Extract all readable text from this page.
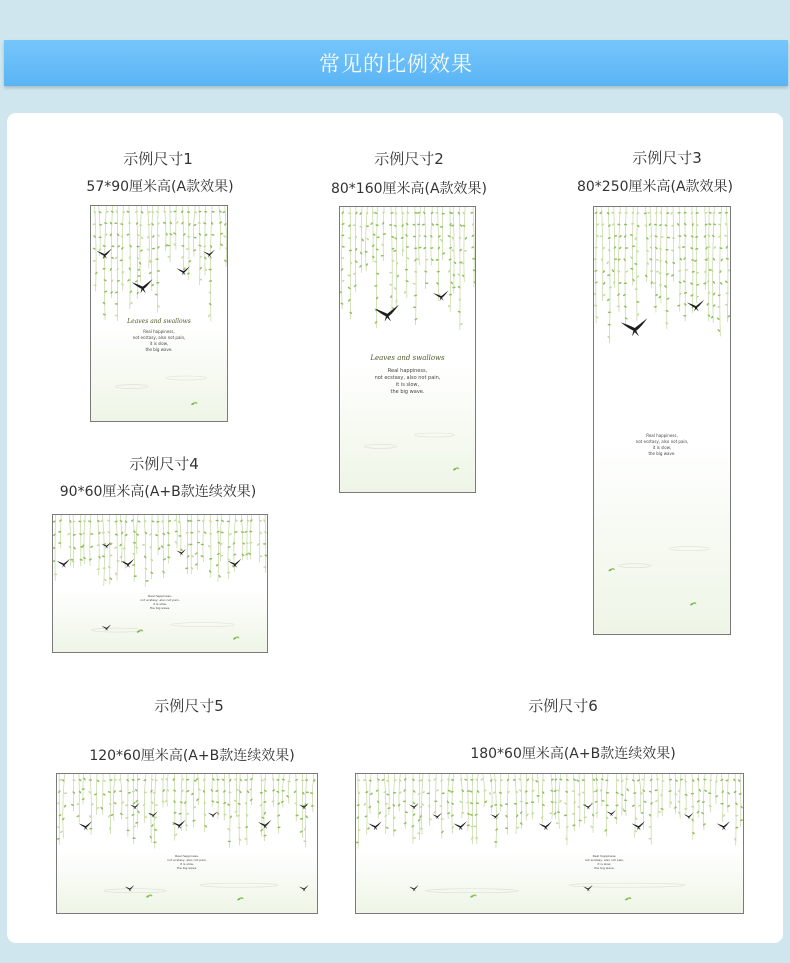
常见的比例效果
示例尺寸1
57*90厘米高(A款效果)
Leaves and swallows
Real happiness,
not ecstasy, also not pain,
it is slow,
the big wave.
示例尺寸2
80*160厘米高(A款效果)
Leaves and swallows
Real happiness,
not ecstasy, also not pain,
it is slow,
the big wave.
示例尺寸3
80*250厘米高(A款效果)
Real happiness,
not ecstasy, also not pain,
it is slow,
the big wave.
示例尺寸4
90*60厘米高(A+B款连续效果)
Real happiness,
not ecstasy, also not pain,
it is slow,
the big wave.
示例尺寸5
120*60厘米高(A+B款连续效果)
Real happiness,
not ecstasy, also not pain,
it is slow,
the big wave.
示例尺寸6
180*60厘米高(A+B款连续效果)
Real happiness,
not ecstasy, also not pain,
it is slow,
the big wave.
